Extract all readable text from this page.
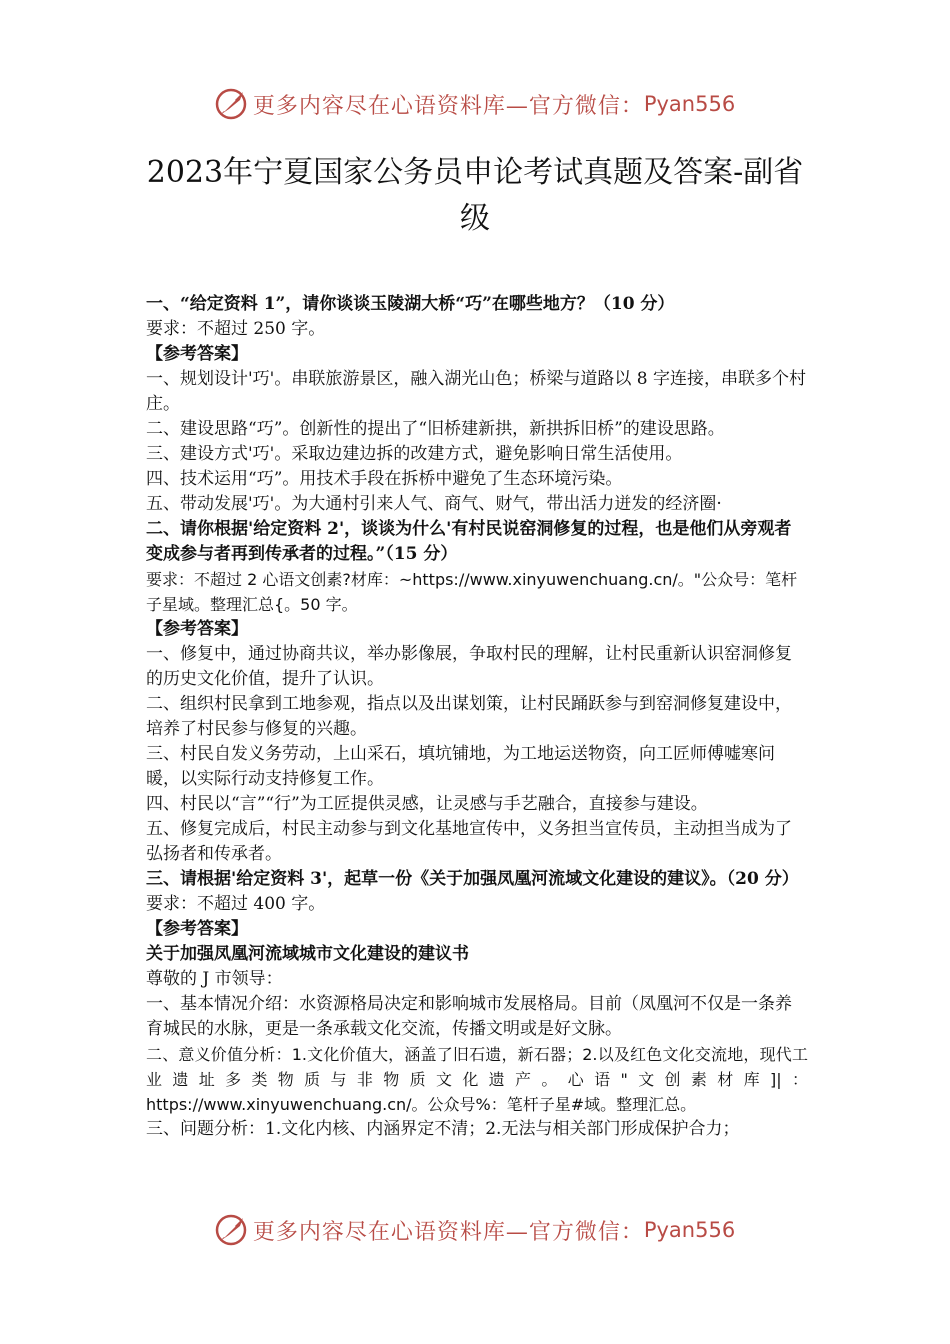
更多内容尽在心语资料库—官方微信： Pyan556
2023年宁夏国家公务员申论考试真题及答案-副省级

一、“给定资料 1”，请你谈谈玉陵湖大桥“巧”在哪些地方？（10 分）

要求：不超过 250 字。

【参考答案】

一、规划设计'巧'。串联旅游景区，融入湖光山色；桥梁与道路以 8 字连接，串联多个村庄。

二、建设思路“巧”。创新性的提出了“旧桥建新拱，新拱拆旧桥”的建设思路。

三、建设方式'巧'。采取边建边拆的改建方式，避免影响日常生活使用。

四、技术运用“巧”。用技术手段在拆桥中避免了生态环境污染。

五、带动发展'巧'。为大通村引来人气、商气、财气，带出活力迸发的经济圈·

二、请你根据'给定资料 2'，谈谈为什么'有村民说窑洞修复的过程，也是他们从旁观者变成参与者再到传承者的过程。”（15 分）

要求：不超过 2 心语文创素?材库：~https://www.xinyuwenchuang.cn/。"公众号：笔杆子星域。整理汇总{。50 字。

【参考答案】

一、修复中，通过协商共议，举办影像展，争取村民的理解，让村民重新认识窑洞修复的历史文化价值，提升了认识。

二、组织村民拿到工地参观，指点以及出谋划策，让村民踊跃参与到窑洞修复建设中，培养了村民参与修复的兴趣。

三、村民自发义务劳动，上山采石，填坑铺地，为工地运送物资，向工匠师傅嘘寒问暖，以实际行动支持修复工作。

四、村民以“言”“行”为工匠提供灵感，让灵感与手艺融合，直接参与建设。

五、修复完成后，村民主动参与到文化基地宣传中，义务担当宣传员，主动担当成为了弘扬者和传承者。

三、请根据'给定资料 3'，起草一份《关于加强凤凰河流域文化建设的建议》。（20 分）

要求：不超过 400 字。

【参考答案】

关于加强凤凰河流域城市文化建设的建议书

尊敬的 J 市领导：

一、基本情况介绍：水资源格局决定和影响城市发展格局。目前（凤凰河不仅是一条养育城民的水脉，更是一条承载文化交流，传播文明或是好文脉。

二、意义价值分析：1.文化价值大，涵盖了旧石遗，新石器；2.以及红色文化交流地，现代工业遗址多类物质与非物质文化遗产。心语"文创素材库]|：https://www.xinyuwenchuang.cn/。公众号%：笔杆子星#域。整理汇总。

三、问题分析：1.文化内核、内涵界定不清；2.无法与相关部门形成保护合力；

更多内容尽在心语资料库—官方微信： Pyan556
